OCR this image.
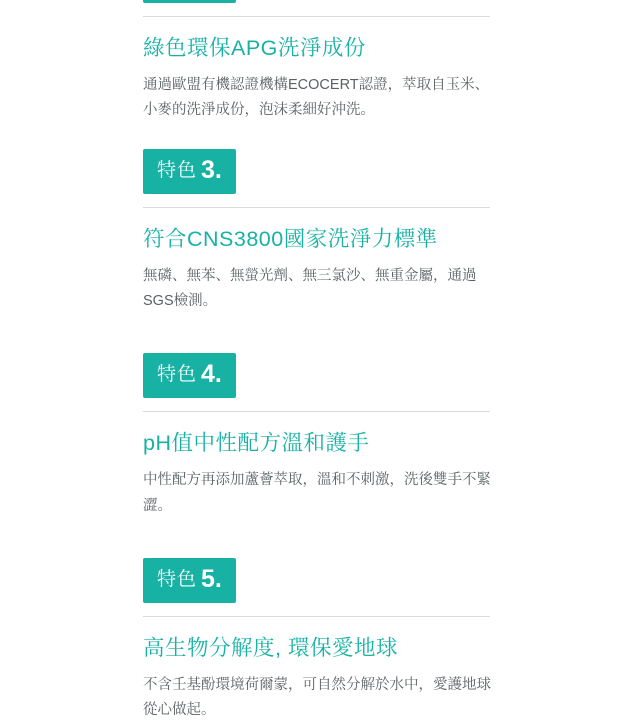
綠色環保APG洗淨成份
通過歐盟有機認證機構ECOCERT認證，萃取自玉米、小麥的洗淨成份，泡沫柔細好沖洗。
特色 3.
符合CNS3800國家洗淨力標準
無磷、無苯、無螢光劑、無三氯沙、無重金屬，通過SGS檢測。
特色 4.
pH值中性配方溫和護手
中性配方再添加蘆薈萃取，溫和不刺激，洗後雙手不緊澀。
特色 5.
高生物分解度, 環保愛地球
不含壬基酚環境荷爾蒙，可自然分解於水中，愛護地球從心做起。
